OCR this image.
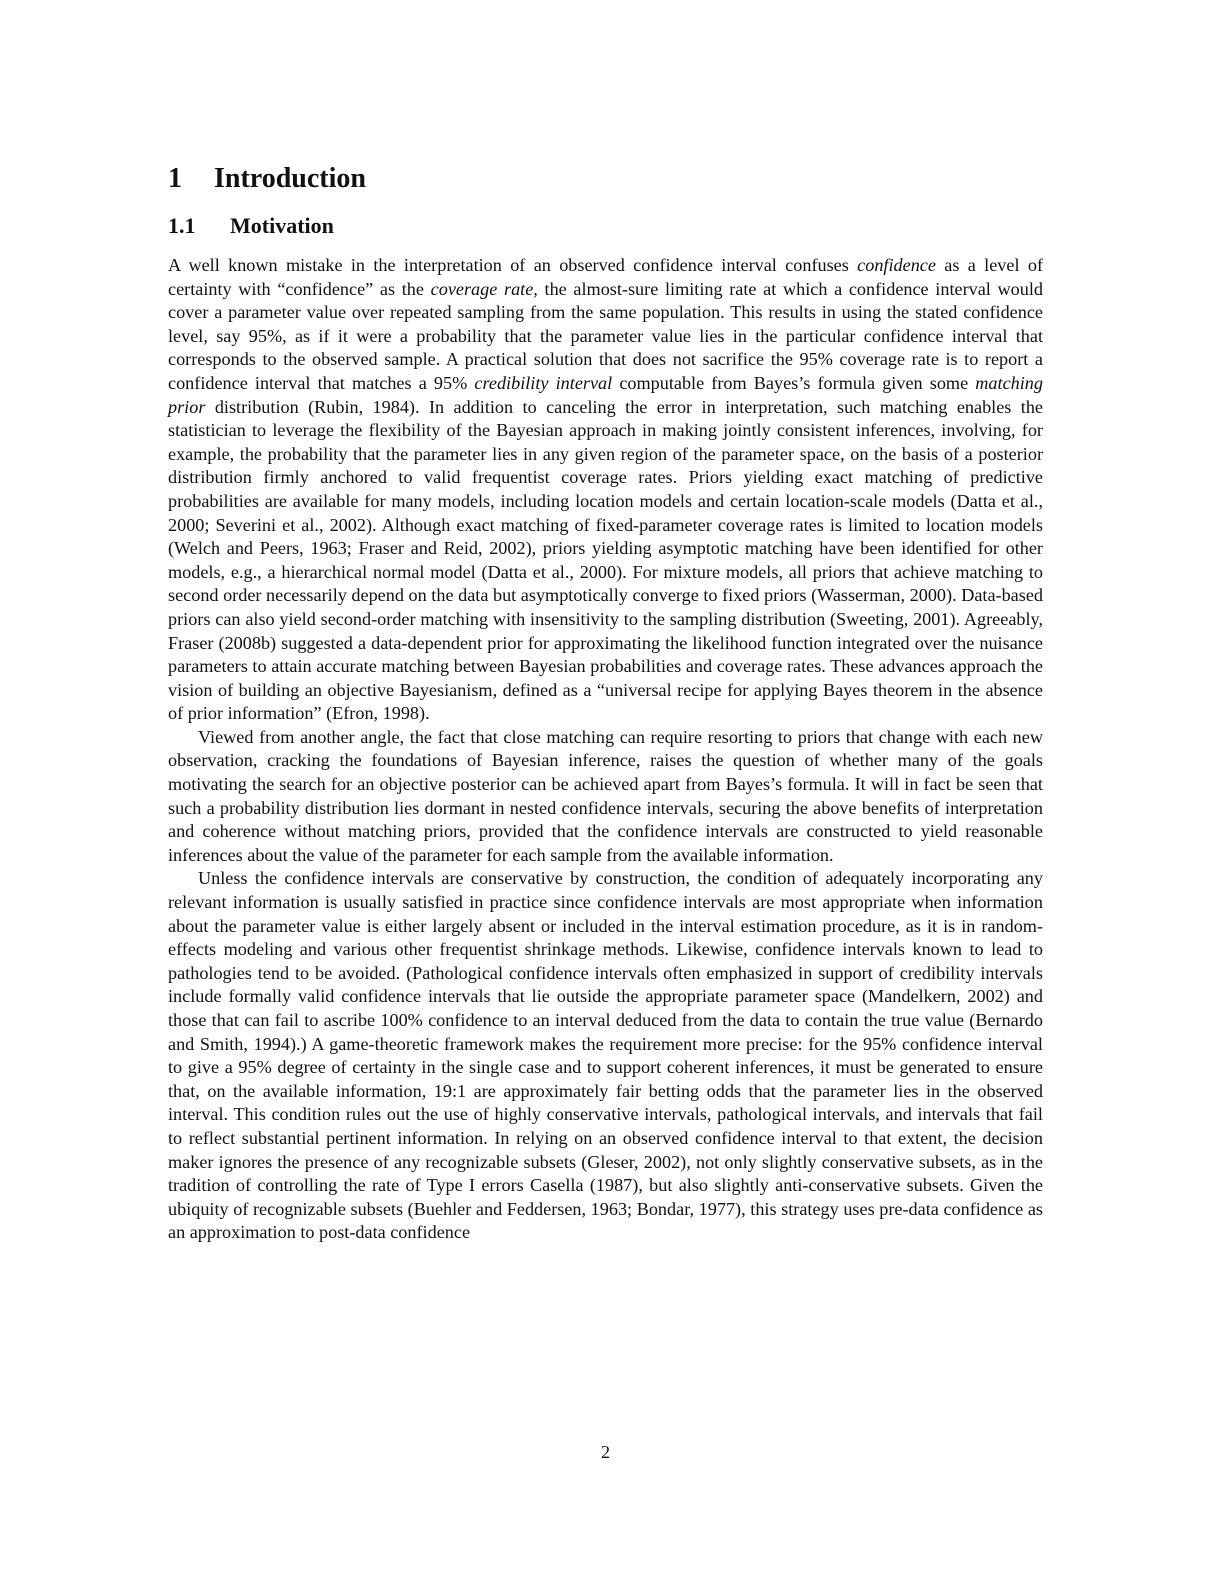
1 Introduction
1.1 Motivation

A well known mistake in the interpretation of an observed confidence interval confuses confidence as a level of certainty with “confidence” as the coverage rate, the almost-sure limiting rate at which a confidence interval would cover a parameter value over repeated sampling from the same population. This results in using the stated confidence level, say 95%, as if it were a probability that the parameter value lies in the particular confidence interval that corresponds to the observed sample. A practical solution that does not sacrifice the 95% coverage rate is to report a confidence interval that matches a 95% credibility interval computable from Bayes’s formula given some matching prior distribution (Rubin, 1984). In addition to canceling the error in interpretation, such matching enables the statistician to leverage the flexibility of the Bayesian approach in making jointly consistent inferences, involving, for example, the probability that the parameter lies in any given region of the parameter space, on the basis of a posterior distribution firmly anchored to valid frequentist coverage rates. Priors yielding exact matching of predictive probabilities are available for many models, including location models and certain location-scale models (Datta et al., 2000; Severini et al., 2002). Although exact matching of fixed-parameter coverage rates is limited to location models (Welch and Peers, 1963; Fraser and Reid, 2002), priors yielding asymptotic matching have been identified for other models, e.g., a hierarchical normal model (Datta et al., 2000). For mixture models, all priors that achieve matching to second order necessarily depend on the data but asymptotically converge to fixed priors (Wasserman, 2000). Data-based priors can also yield second-order matching with insensitivity to the sampling distribution (Sweeting, 2001). Agreeably, Fraser (2008b) suggested a data-dependent prior for approximating the likelihood function integrated over the nuisance parameters to attain accurate matching between Bayesian probabilities and coverage rates. These advances approach the vision of building an objective Bayesianism, defined as a “universal recipe for applying Bayes theorem in the absence of prior information” (Efron, 1998).

Viewed from another angle, the fact that close matching can require resorting to priors that change with each new observation, cracking the foundations of Bayesian inference, raises the question of whether many of the goals motivating the search for an objective posterior can be achieved apart from Bayes’s formula. It will in fact be seen that such a probability distribution lies dormant in nested confidence intervals, securing the above benefits of interpretation and coherence without matching priors, provided that the confidence intervals are constructed to yield reasonable inferences about the value of the parameter for each sample from the available information.

Unless the confidence intervals are conservative by construction, the condition of adequately incorporating any relevant information is usually satisfied in practice since confidence intervals are most appropriate when information about the parameter value is either largely absent or included in the interval estimation procedure, as it is in random-effects modeling and various other frequentist shrinkage methods. Likewise, confidence intervals known to lead to pathologies tend to be avoided. (Pathological confidence intervals often emphasized in support of credibility intervals include formally valid confidence intervals that lie outside the appropriate parameter space (Mandelkern, 2002) and those that can fail to ascribe 100% confidence to an interval deduced from the data to contain the true value (Bernardo and Smith, 1994).) A game-theoretic framework makes the requirement more precise: for the 95% confidence interval to give a 95% degree of certainty in the single case and to support coherent inferences, it must be generated to ensure that, on the available information, 19:1 are approximately fair betting odds that the parameter lies in the observed interval. This condition rules out the use of highly conservative intervals, pathological intervals, and intervals that fail to reflect substantial pertinent information. In relying on an observed confidence interval to that extent, the decision maker ignores the presence of any recognizable subsets (Gleser, 2002), not only slightly conservative subsets, as in the tradition of controlling the rate of Type I errors Casella (1987), but also slightly anti-conservative subsets. Given the ubiquity of recognizable subsets (Buehler and Feddersen, 1963; Bondar, 1977), this strategy uses pre-data confidence as an approximation to post-data confidence

2
